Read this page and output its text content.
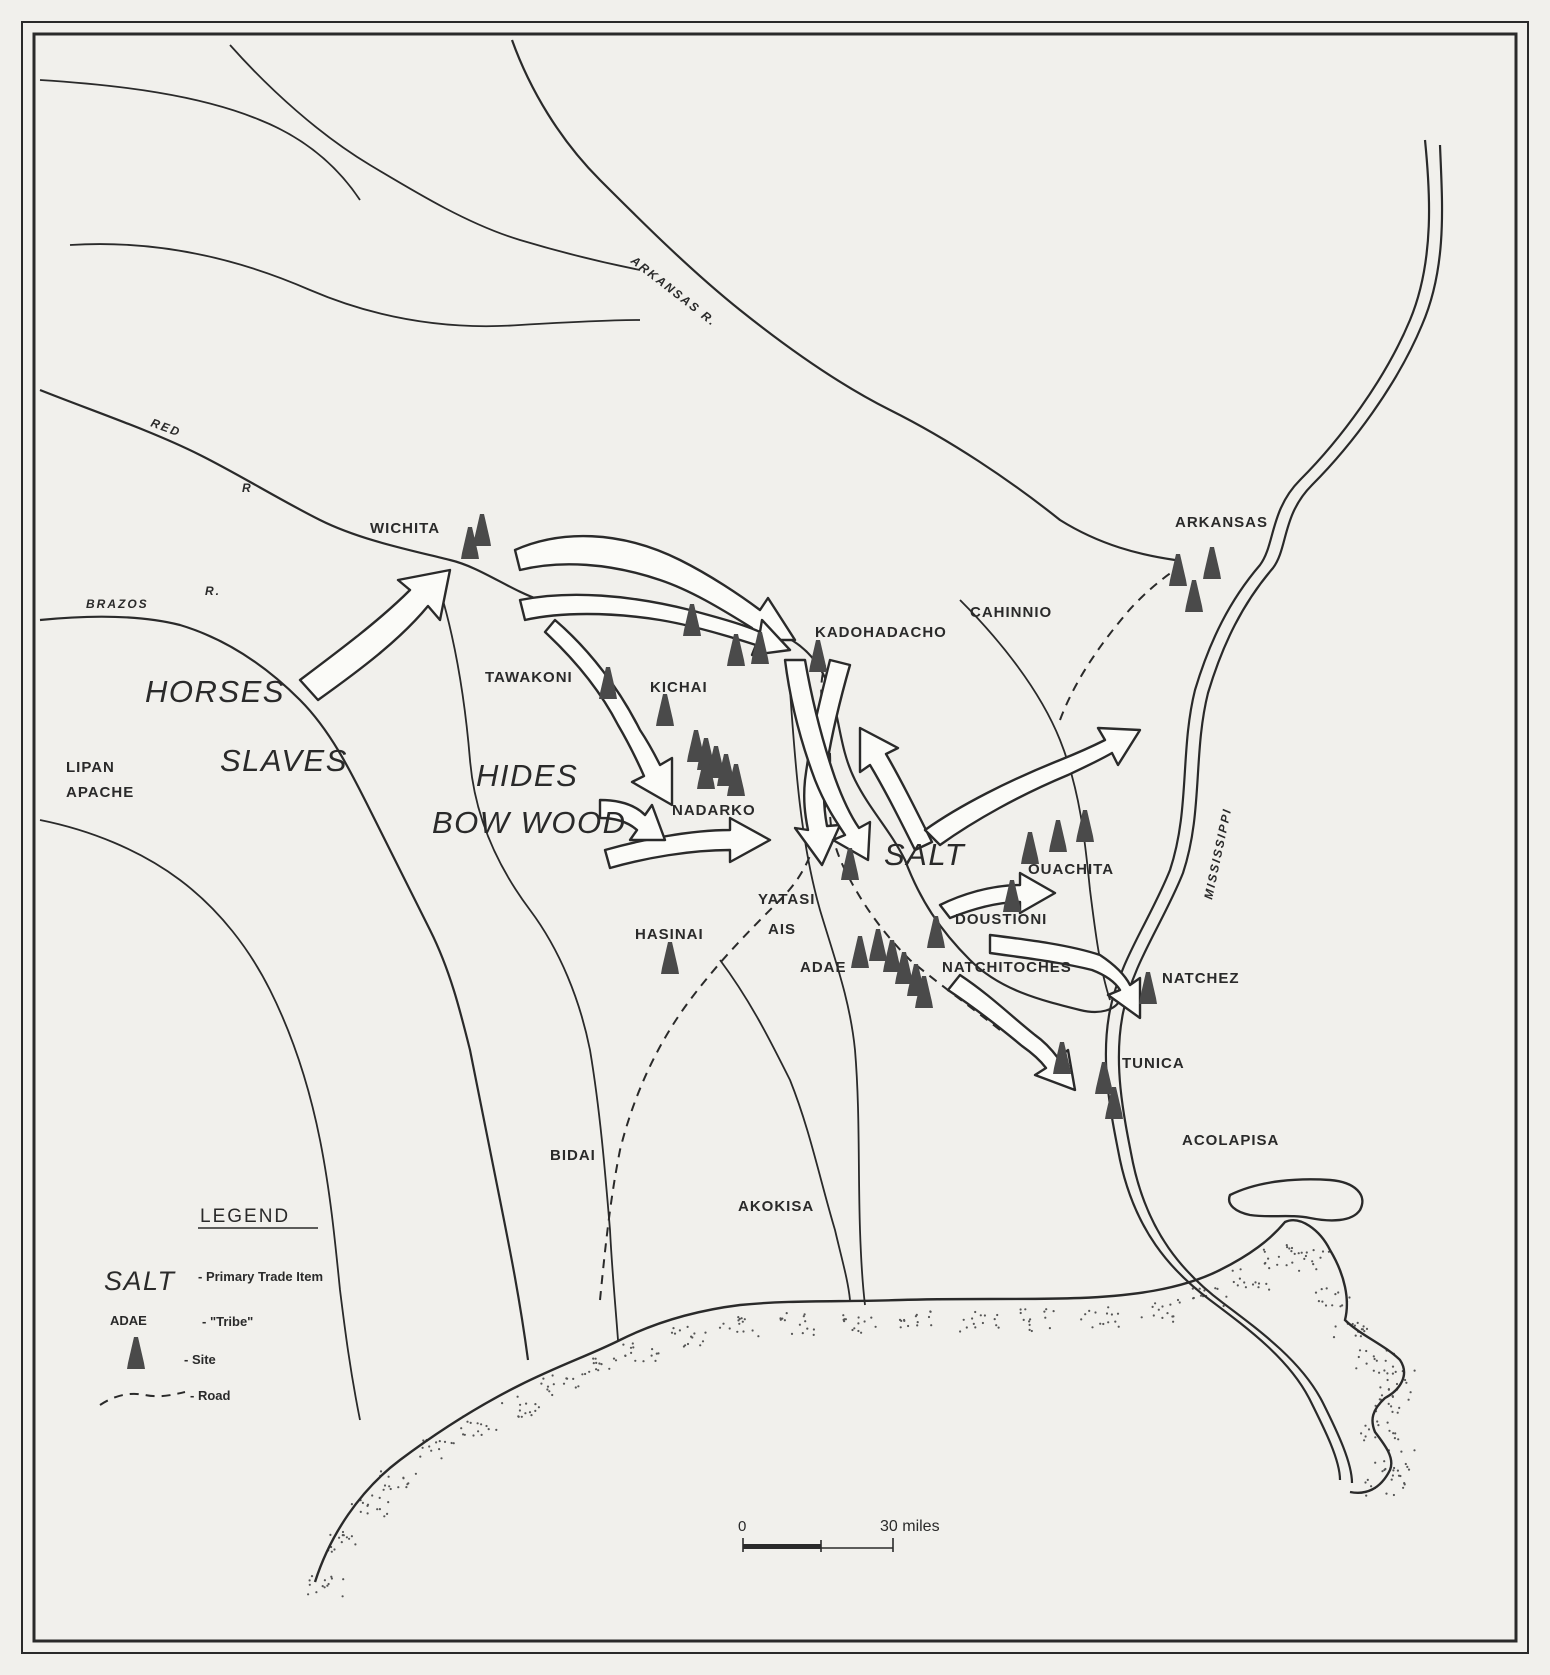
ARKANSAS R.
RED
R
BRAZOS
R.
MISSISSIPPI
WICHITA
TAWAKONI
KICHAI
KADOHADACHO
CAHINNIO
ARKANSAS
LIPAN
APACHE
NADARKO
YATASI
OUACHITA
DOUSTIONI
HASINAI	AIS
ADAE	NATCHITOCHES
NATCHEZ
TUNICA
ACOLAPISA
BIDAI
AKOKISA
HORSES
SLAVES	HIDES
BOW WOOD
SALT
LEGEND
SALT - Primary Trade Item
ADAE	- "Tribe"
- Site
- Road
0	30 miles
